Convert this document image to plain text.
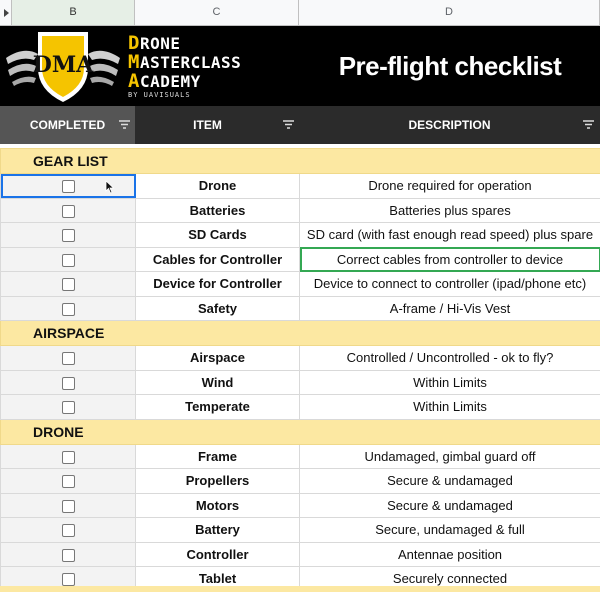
B	C	D
DMA
DRONE
MASTERCLASS
ACADEMY
BY UAVISUALS
Pre-flight checklist
COMPLETED	ITEM	DESCRIPTION
GEAR LIST		
	Drone	Drone required for operation
	Batteries	Batteries plus spares
	SD Cards	SD card (with fast enough read speed) plus spare
	Cables for Controller	Correct cables from controller to device
	Device for Controller	Device to connect to controller (ipad/phone etc)
	Safety	A-frame / Hi-Vis Vest
AIRSPACE		
	Airspace	Controlled / Uncontrolled - ok to fly?
	Wind	Within Limits
	Temperate	Within Limits
DRONE		
	Frame	Undamaged, gimbal guard off
	Propellers	Secure & undamaged
	Motors	Secure & undamaged
	Battery	Secure, undamaged & full
	Controller	Antennae position
	Tablet	Securely connected
